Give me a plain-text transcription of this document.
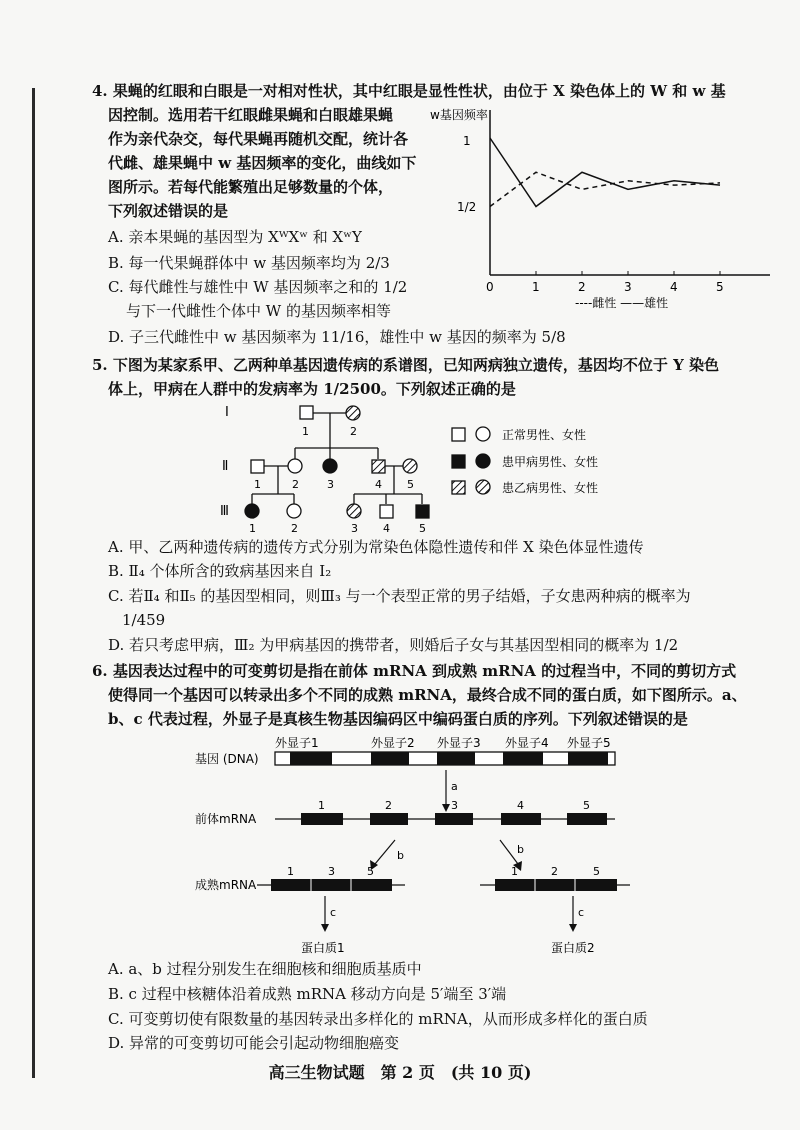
4. 果蝇的红眼和白眼是一对相对性状，其中红眼是显性性状，由位于 X 染色体上的 W 和 w 基
因控制。选用若干红眼雌果蝇和白眼雄果蝇
作为亲代杂交，每代果蝇再随机交配，统计各
代雌、雄果蝇中 w 基因频率的变化，曲线如下
图所示。若每代能繁殖出足够数量的个体，
下列叙述错误的是
A. 亲本果蝇的基因型为 XᵂXʷ 和 XʷY
B. 每一代果蝇群体中 w 基因频率均为 2/3
C. 每代雌性与雄性中 W 基因频率之和的 1/2
与下一代雌性个体中 W 的基因频率相等
D. 子三代雌性中 w 基因频率为 11/16，雄性中 w 基因的频率为 5/8
w基因频率
1
1/2
0	1	2	3	4	5
----雌性 ——雄性
5. 下图为某家系甲、乙两种单基因遗传病的系谱图，已知两病独立遗传，基因均不位于 Y 染色
体上，甲病在人群中的发病率为 1/2500。下列叙述正确的是
Ⅰ
Ⅱ
Ⅲ
1	2
1	2	3	4 5
1	2	3 4	5
正常男性、女性
患甲病男性、女性
患乙病男性、女性
A. 甲、乙两种遗传病的遗传方式分别为常染色体隐性遗传和伴 X 染色体显性遗传
B. Ⅱ₄ 个体所含的致病基因来自 Ⅰ₂
C. 若Ⅱ₄ 和Ⅱ₅ 的基因型相同，则Ⅲ₃ 与一个表型正常的男子结婚，子女患两种病的概率为
1/459
D. 若只考虑甲病，Ⅲ₂ 为甲病基因的携带者，则婚后子女与其基因型相同的概率为 1/2
6. 基因表达过程中的可变剪切是指在前体 mRNA 到成熟 mRNA 的过程当中，不同的剪切方式
使得同一个基因可以转录出多个不同的成熟 mRNA，最终合成不同的蛋白质，如下图所示。a、
b、c 代表过程，外显子是真核生物基因编码区中编码蛋白质的序列。下列叙述错误的是
基因 (DNA)
外显子1	外显子2 外显子3 外显子4 外显子5
a
前体mRNA
1	2	3	4	5
b	b
成熟mRNA
1	3	5	1	2	5
c	c
蛋白质1	蛋白质2
A. a、b 过程分别发生在细胞核和细胞质基质中
B. c 过程中核糖体沿着成熟 mRNA 移动方向是 5′端至 3′端
C. 可变剪切使有限数量的基因转录出多样化的 mRNA，从而形成多样化的蛋白质
D. 异常的可变剪切可能会引起动物细胞癌变
高三生物试题　第 2 页　(共 10 页)
